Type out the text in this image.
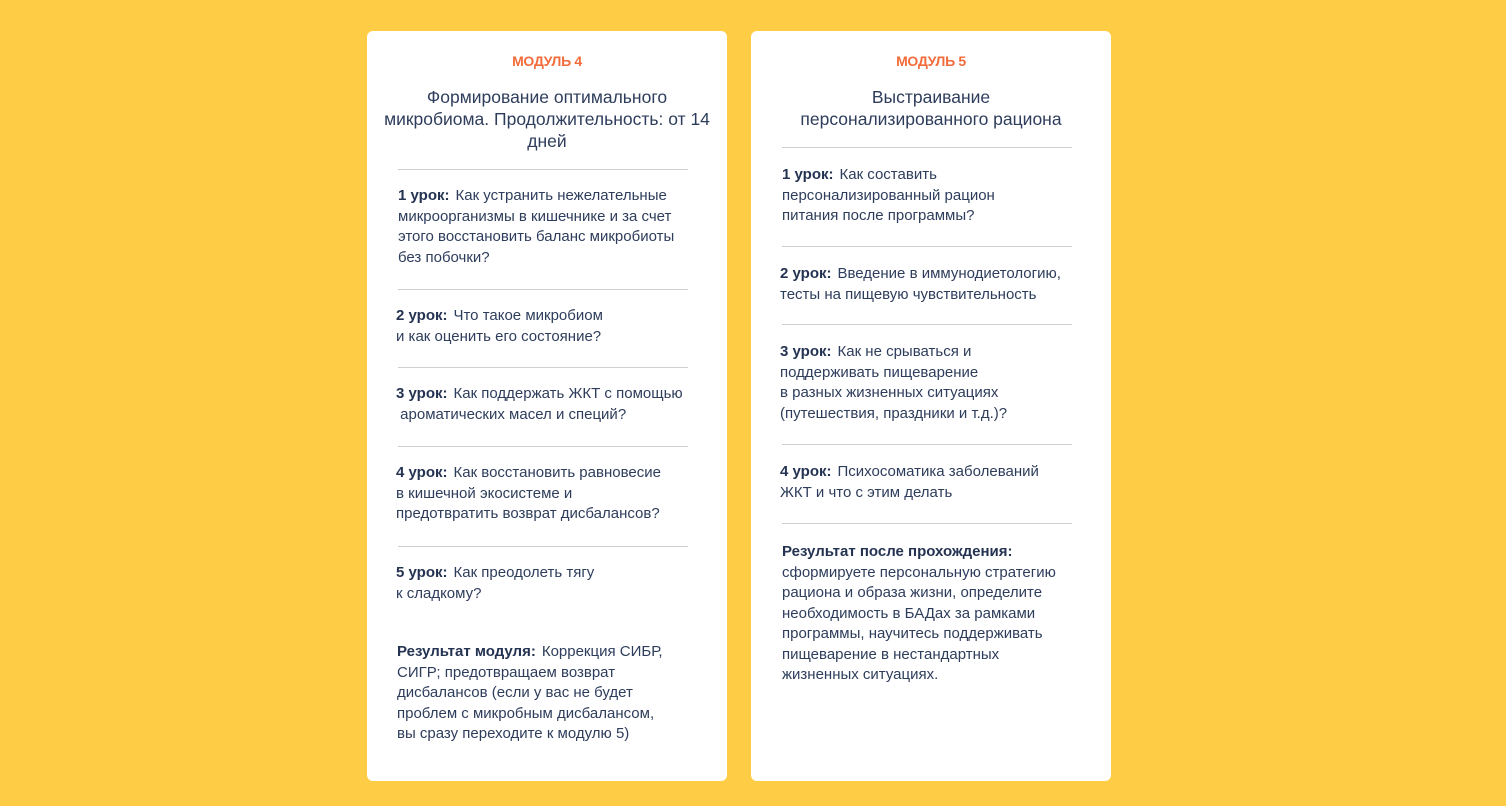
МОДУЛЬ 4
Формирование оптимального микробиома. Продолжительность: от 14 дней
1 урок: Как устранить нежелательные
микроорганизмы в кишечнике и за счет
этого восстановить баланс микробиоты
без побочки?
2 урок: Что такое микробиом
и как оценить его состояние?
3 урок: Как поддержать ЖКТ с помощью
ароматических масел и специй?
4 урок: Как восстановить равновесие
в кишечной экосистеме и
предотвратить возврат дисбалансов?
5 урок: Как преодолеть тягу
к сладкому?
Результат модуля: Коррекция СИБР,
СИГР; предотвращаем возврат
дисбалансов (если у вас не будет
проблем с микробным дисбалансом,
вы сразу переходите к модулю 5)
МОДУЛЬ 5
Выстраивание персонализированного рациона
1 урок: Как составить
персонализированный рацион
питания после программы?
2 урок: Введение в иммунодиетологию,
тесты на пищевую чувствительность
3 урок: Как не срываться и
поддерживать пищеварение
в разных жизненных ситуациях
(путешествия, праздники и т.д.)?
4 урок: Психосоматика заболеваний
ЖКТ и что с этим делать
Результат после прохождения:
сформируете персональную стратегию
рациона и образа жизни, определите
необходимость в БАДах за рамками
программы, научитесь поддерживать
пищеварение в нестандартных
жизненных ситуациях.
